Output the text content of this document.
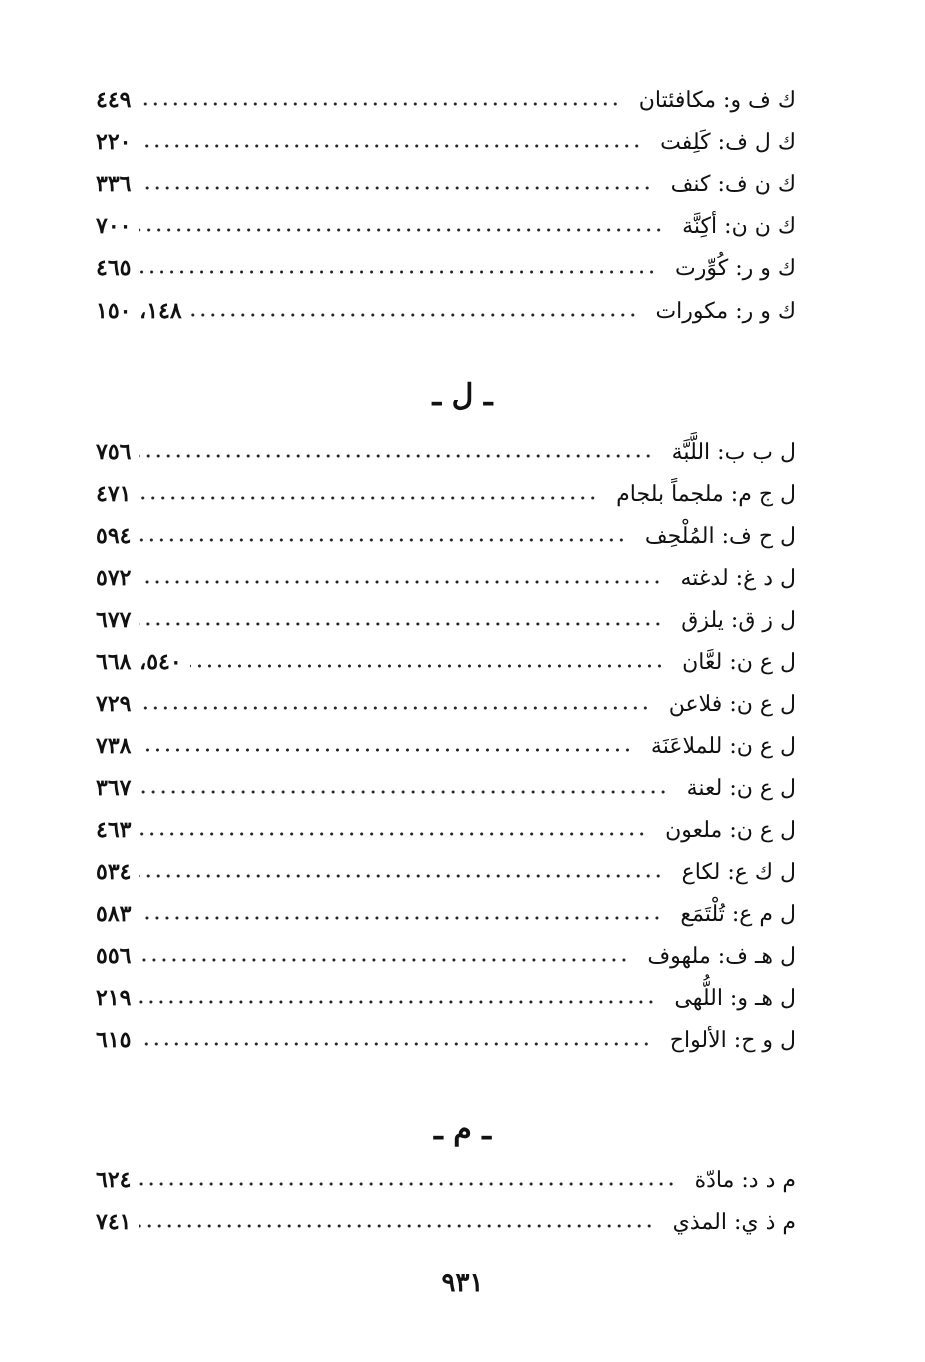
ك ف و
:
مكافئتان
٤٤٩
ك ل ف
:
كَلِفت
٢٢٠
ك ن ف
:
كنف
٣٣٦
ك ن ن
:
أكِنَّة
٧٠٠
ك و ر
:
كُوِّرت
٤٦٥
ك و ر
:
مكورات
١٤٨، ١٥٠
ـ ل ـ
ل ب ب
:
اللَّبَّة
٧٥٦
ل ج م
:
ملجماً بلجام
٤٧١
ل ح ف
:
المُلْحِف
٥٩٤
ل د غ
:
لدغته
٥٧٢
ل ز ق
:
يلزق
٦٧٧
ل ع ن
:
لعَّان
٥٤٠، ٦٦٨
ل ع ن
:
فلاعن
٧٢٩
ل ع ن
:
للملاعَنَة
٧٣٨
ل ع ن
:
لعنة
٣٦٧
ل ع ن
:
ملعون
٤٦٣
ل ك ع
:
لكاع
٥٣٤
ل م ع
:
تُلْتَمَع
٥٨٣
ل هـ ف
:
ملهوف
٥٥٦
ل هـ و
:
اللُّهى
٢١٩
ل و ح
:
الألواح
٦١٥
ـ م ـ
م د د
:
مادّة
٦٢٤
م ذ ي
:
المذي
٧٤١
٩٣١
